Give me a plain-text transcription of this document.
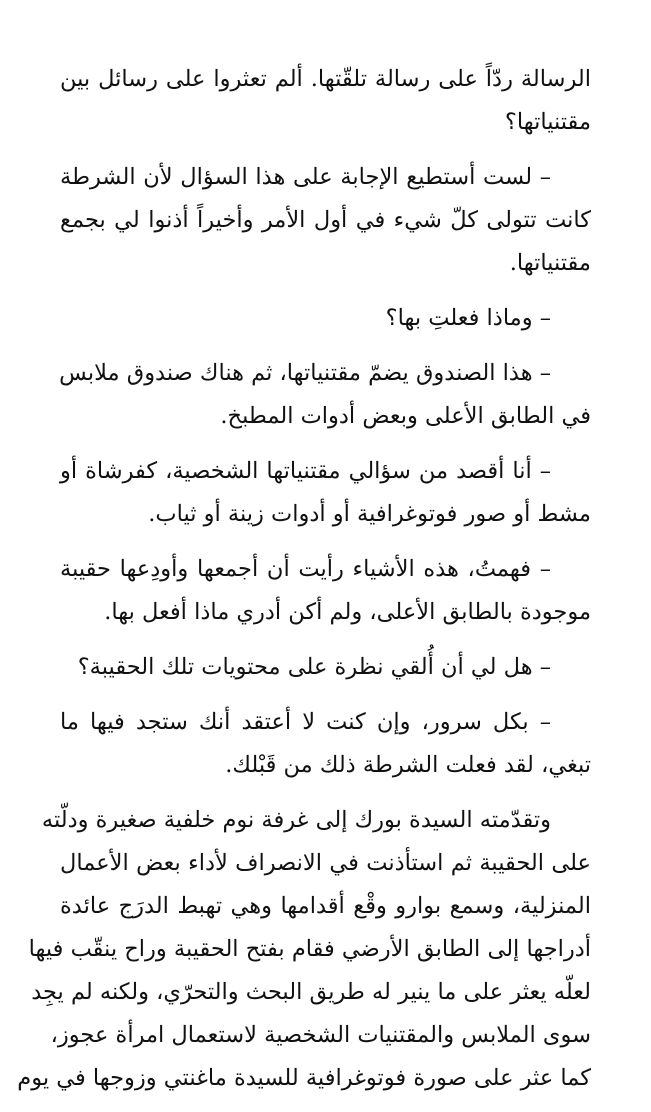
الرسالة ردّاً على رسالة تلقّتها. ألم تعثروا على رسائل بين
مقتنياتها؟

– لست أستطيع الإجابة على هذا السؤال لأن الشرطة
كانت تتولى كلّ شيء في أول الأمر وأخيراً أذنوا لي بجمع
مقتنياتها.

– وماذا فعلتِ بها؟

– هذا الصندوق يضمّ مقتنياتها، ثم هناك صندوق ملابس
في الطابق الأعلى وبعض أدوات المطبخ.

– أنا أقصد من سؤالي مقتنياتها الشخصية، كفرشاة أو
مشط أو صور فوتوغرافية أو أدوات زينة أو ثياب.

– فهمتُ، هذه الأشياء رأيت أن أجمعها وأودِعها حقيبة
موجودة بالطابق الأعلى، ولم أكن أدري ماذا أفعل بها.

– هل لي أن أُلقي نظرة على محتويات تلك الحقيبة؟

– بكل سرور، وإن كنت لا أعتقد أنك ستجد فيها ما
تبغي، لقد فعلت الشرطة ذلك من قَبْلك.

وتقدّمته السيدة بورك إلى غرفة نوم خلفية صغيرة ودلّته
على الحقيبة ثم استأذنت في الانصراف لأداء بعض الأعمال
المنزلية، وسمع بوارو وقْع أقدامها وهي تهبط الدرَج عائدة
أدراجها إلى الطابق الأرضي فقام بفتح الحقيبة وراح ينقّب فيها
لعلّه يعثر على ما ينير له طريق البحث والتحرّي، ولكنه لم يجِد
سوى الملابس والمقتنيات الشخصية لاستعمال امرأة عجوز،
كما عثر على صورة فوتوغرافية للسيدة ماغنتي وزوجها في يوم
